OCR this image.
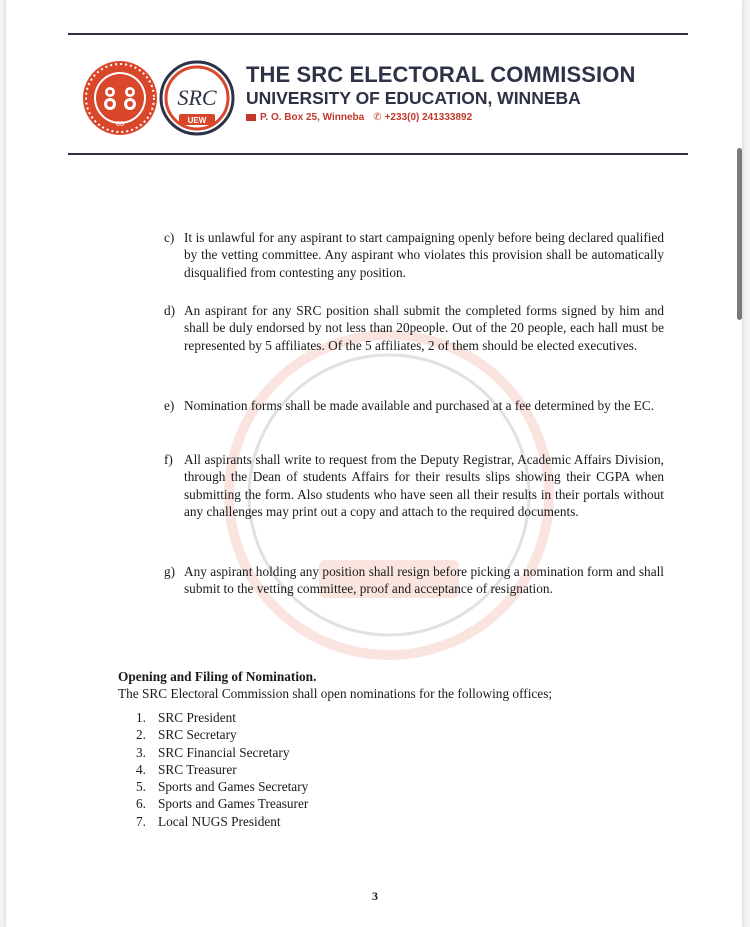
88
SRC
UEW
THE SRC ELECTORAL COMMISSION
UNIVERSITY OF EDUCATION, WINNEBA
P. O. Box 25, Winneba ✆ +233(0) 241333892
c) It is unlawful for any aspirant to start campaigning openly before being declared qualified by the vetting committee. Any aspirant who violates this provision shall be automatically disqualified from contesting any position.
d) An aspirant for any SRC position shall submit the completed forms signed by him and shall be duly endorsed by not less than 20people. Out of the 20 people, each hall must be represented by 5 affiliates. Of the 5 affiliates, 2 of them should be elected executives.
e) Nomination forms shall be made available and purchased at a fee determined by the EC.
f) All aspirants shall write to request from the Deputy Registrar, Academic Affairs Division, through the Dean of students Affairs for their results slips showing their CGPA when submitting the form. Also students who have seen all their results in their portals without any challenges may print out a copy and attach to the required documents.
g) Any aspirant holding any position shall resign before picking a nomination form and shall submit to the vetting committee, proof and acceptance of resignation.
Opening and Filing of Nomination.
The SRC Electoral Commission shall open nominations for the following offices;
1. SRC President
2. SRC Secretary
3. SRC Financial Secretary
4. SRC Treasurer
5. Sports and Games Secretary
6. Sports and Games Treasurer
7. Local NUGS President
3
